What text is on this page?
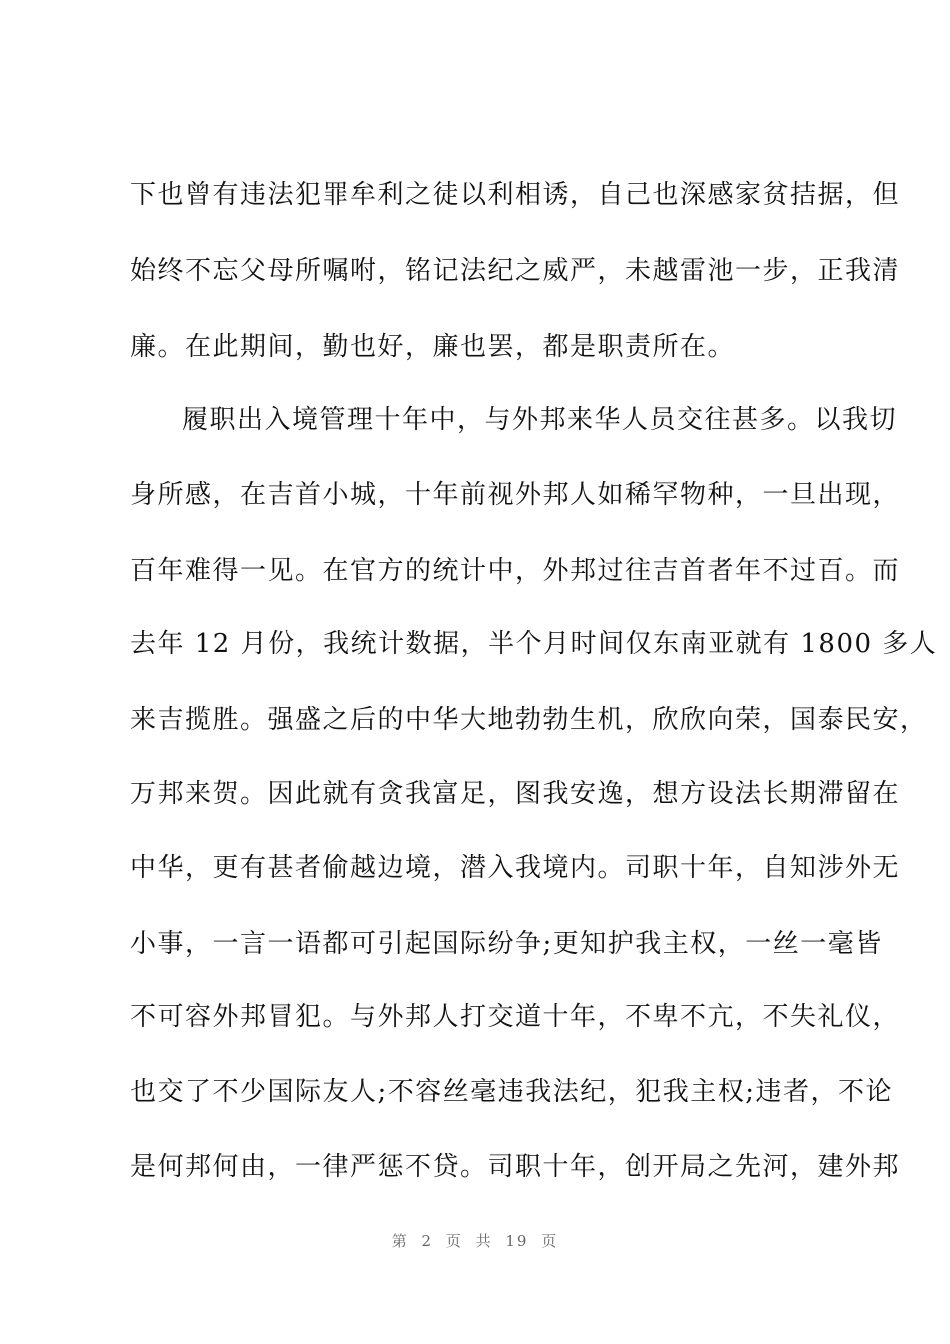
下也曾有违法犯罪牟利之徒以利相诱，自己也深感家贫拮据，但
始终不忘父母所嘱咐，铭记法纪之威严，未越雷池一步，正我清
廉。在此期间，勤也好，廉也罢，都是职责所在。
履职出入境管理十年中，与外邦来华人员交往甚多。以我切
身所感，在吉首小城，十年前视外邦人如稀罕物种，一旦出现，
百年难得一见。在官方的统计中，外邦过往吉首者年不过百。而
去年 12 月份，我统计数据，半个月时间仅东南亚就有 1800 多人
来吉揽胜。强盛之后的中华大地勃勃生机，欣欣向荣，国泰民安，
万邦来贺。因此就有贪我富足，图我安逸，想方设法长期滞留在
中华，更有甚者偷越边境，潜入我境内。司职十年，自知涉外无
小事，一言一语都可引起国际纷争;更知护我主权，一丝一毫皆
不可容外邦冒犯。与外邦人打交道十年，不卑不亢，不失礼仪，
也交了不少国际友人;不容丝毫违我法纪，犯我主权;违者，不论
是何邦何由，一律严惩不贷。司职十年，创开局之先河，建外邦
第 2 页 共 19 页
